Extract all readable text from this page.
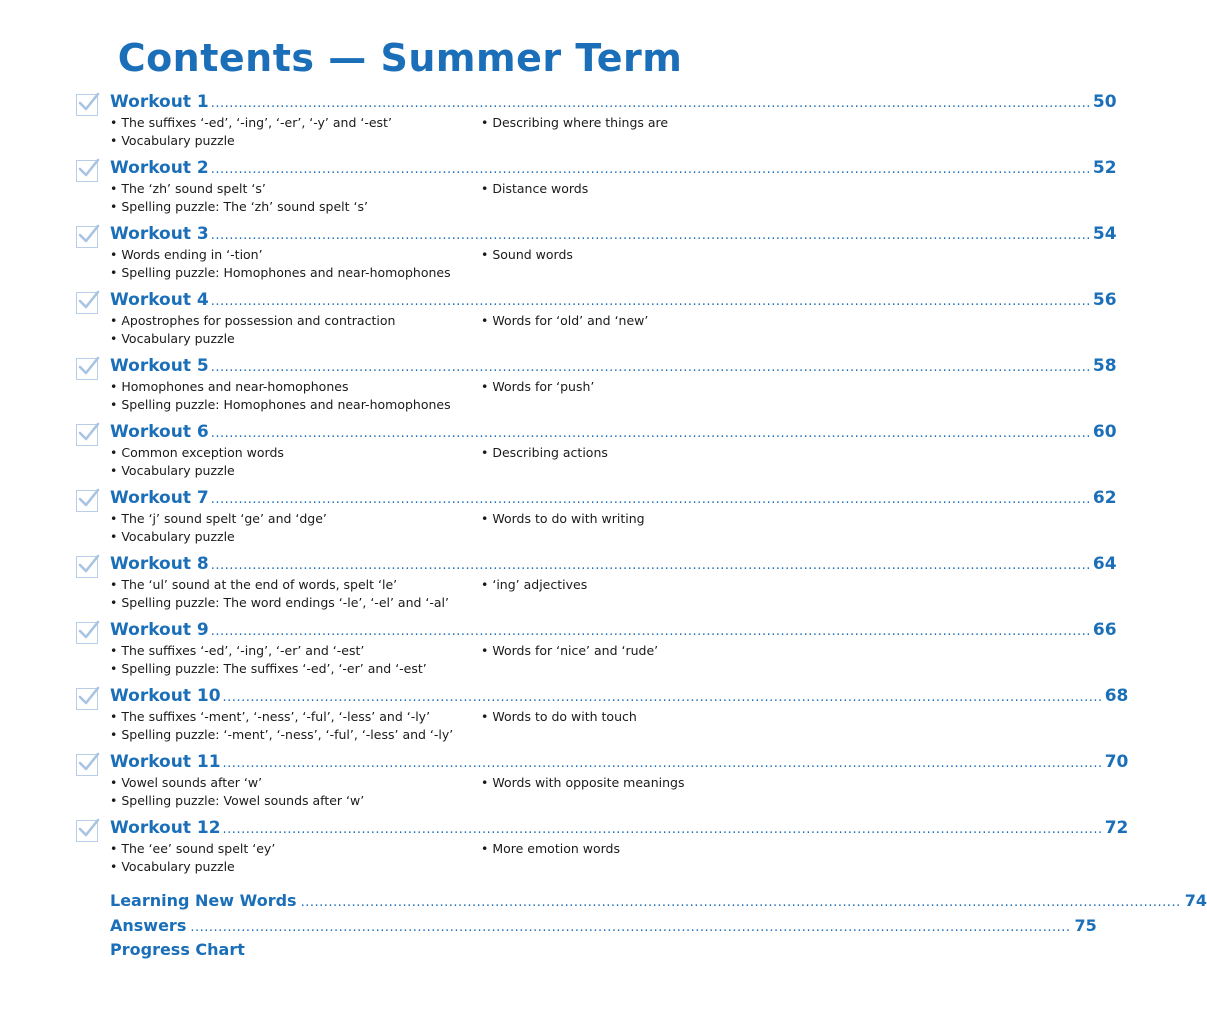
Contents — Summer Term
Workout 1 .............................................................................................................................................................................................. 50
• The suffixes ‘-ed’, ‘-ing’, ‘-er’, ‘-y’ and ‘-est’
• Vocabulary puzzle
• Describing where things are
Workout 2 .............................................................................................................................................................................................. 52
• The ‘zh’ sound spelt ‘s’
• Spelling puzzle: The ‘zh’ sound spelt ‘s’
• Distance words
Workout 3 .............................................................................................................................................................................................. 54
• Words ending in ‘-tion’
• Spelling puzzle: Homophones and near-homophones
• Sound words
Workout 4 .............................................................................................................................................................................................. 56
• Apostrophes for possession and contraction
• Vocabulary puzzle
• Words for ‘old’ and ‘new’
Workout 5 .............................................................................................................................................................................................. 58
• Homophones and near-homophones
• Spelling puzzle: Homophones and near-homophones
• Words for ‘push’
Workout 6 .............................................................................................................................................................................................. 60
• Common exception words
• Vocabulary puzzle
• Describing actions
Workout 7 .............................................................................................................................................................................................. 62
• The ‘j’ sound spelt ‘ge’ and ‘dge’
• Vocabulary puzzle
• Words to do with writing
Workout 8 .............................................................................................................................................................................................. 64
• The ‘ul’ sound at the end of words, spelt ‘le’
• Spelling puzzle: The word endings ‘-le’, ‘-el’ and ‘-al’
• ‘ing’ adjectives
Workout 9 .............................................................................................................................................................................................. 66
• The suffixes ‘-ed’, ‘-ing’, ‘-er’ and ‘-est’
• Spelling puzzle: The suffixes ‘-ed’, ‘-er’ and ‘-est’
• Words for ‘nice’ and ‘rude’
Workout 10 .............................................................................................................................................................................................. 68
• The suffixes ‘-ment’, ‘-ness’, ‘-ful’, ‘-less’ and ‘-ly’
• Spelling puzzle: ‘-ment’, ‘-ness’, ‘-ful’, ‘-less’ and ‘-ly’
• Words to do with touch
Workout 11 .............................................................................................................................................................................................. 70
• Vowel sounds after ‘w’
• Spelling puzzle: Vowel sounds after ‘w’
• Words with opposite meanings
Workout 12 .............................................................................................................................................................................................. 72
• The ‘ee’ sound spelt ‘ey’
• Vocabulary puzzle
• More emotion words
Learning New Words .............................................................................................................................................................................................. 74
Answers .............................................................................................................................................................................................. 75
Progress Chart
